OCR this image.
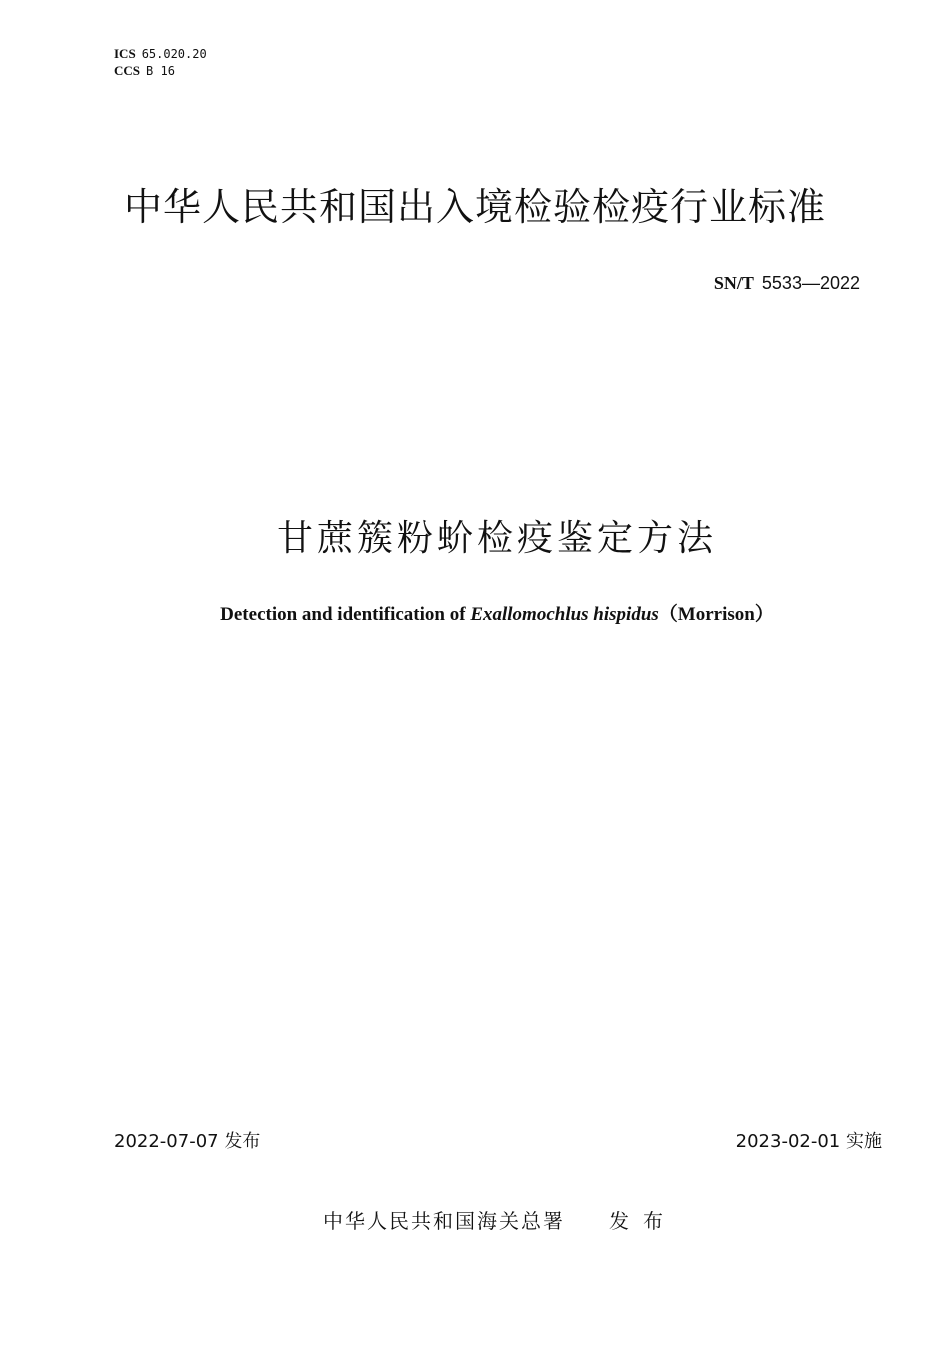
ICS 65.020.20
CCS B 16
中华人民共和国出入境检验检疫行业标准
SN/T 5533—2022
甘蔗簇粉蚧检疫鉴定方法
Detection and identification of Exallomochlus hispidus（Morrison）
2022-07-07 发布	2023-02-01 实施
中华人民共和国海关总署 发布
